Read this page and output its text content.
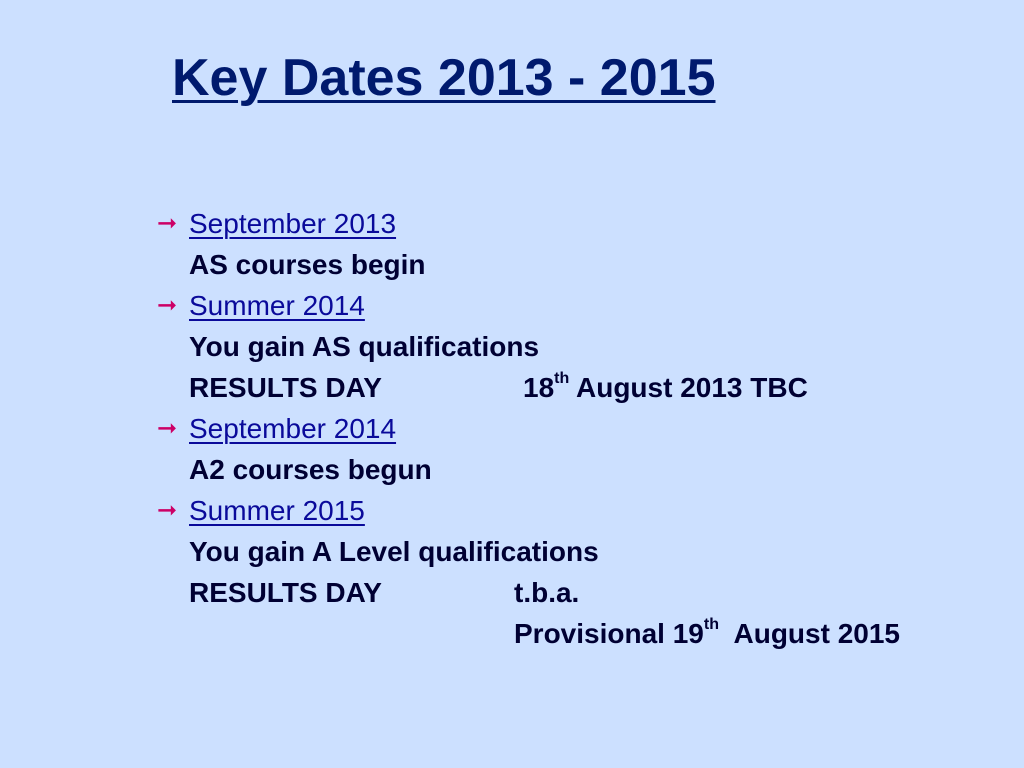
Key Dates 2013 - 2015
➞ September 2013
AS courses begin
➞ Summer 2014
You gain AS qualifications
RESULTS DAY	18th August 2013 TBC
➞ September 2014
A2 courses begun
➞ Summer 2015
You gain A Level qualifications
RESULTS DAY	t.b.a.
Provisional 19th  August 2015
